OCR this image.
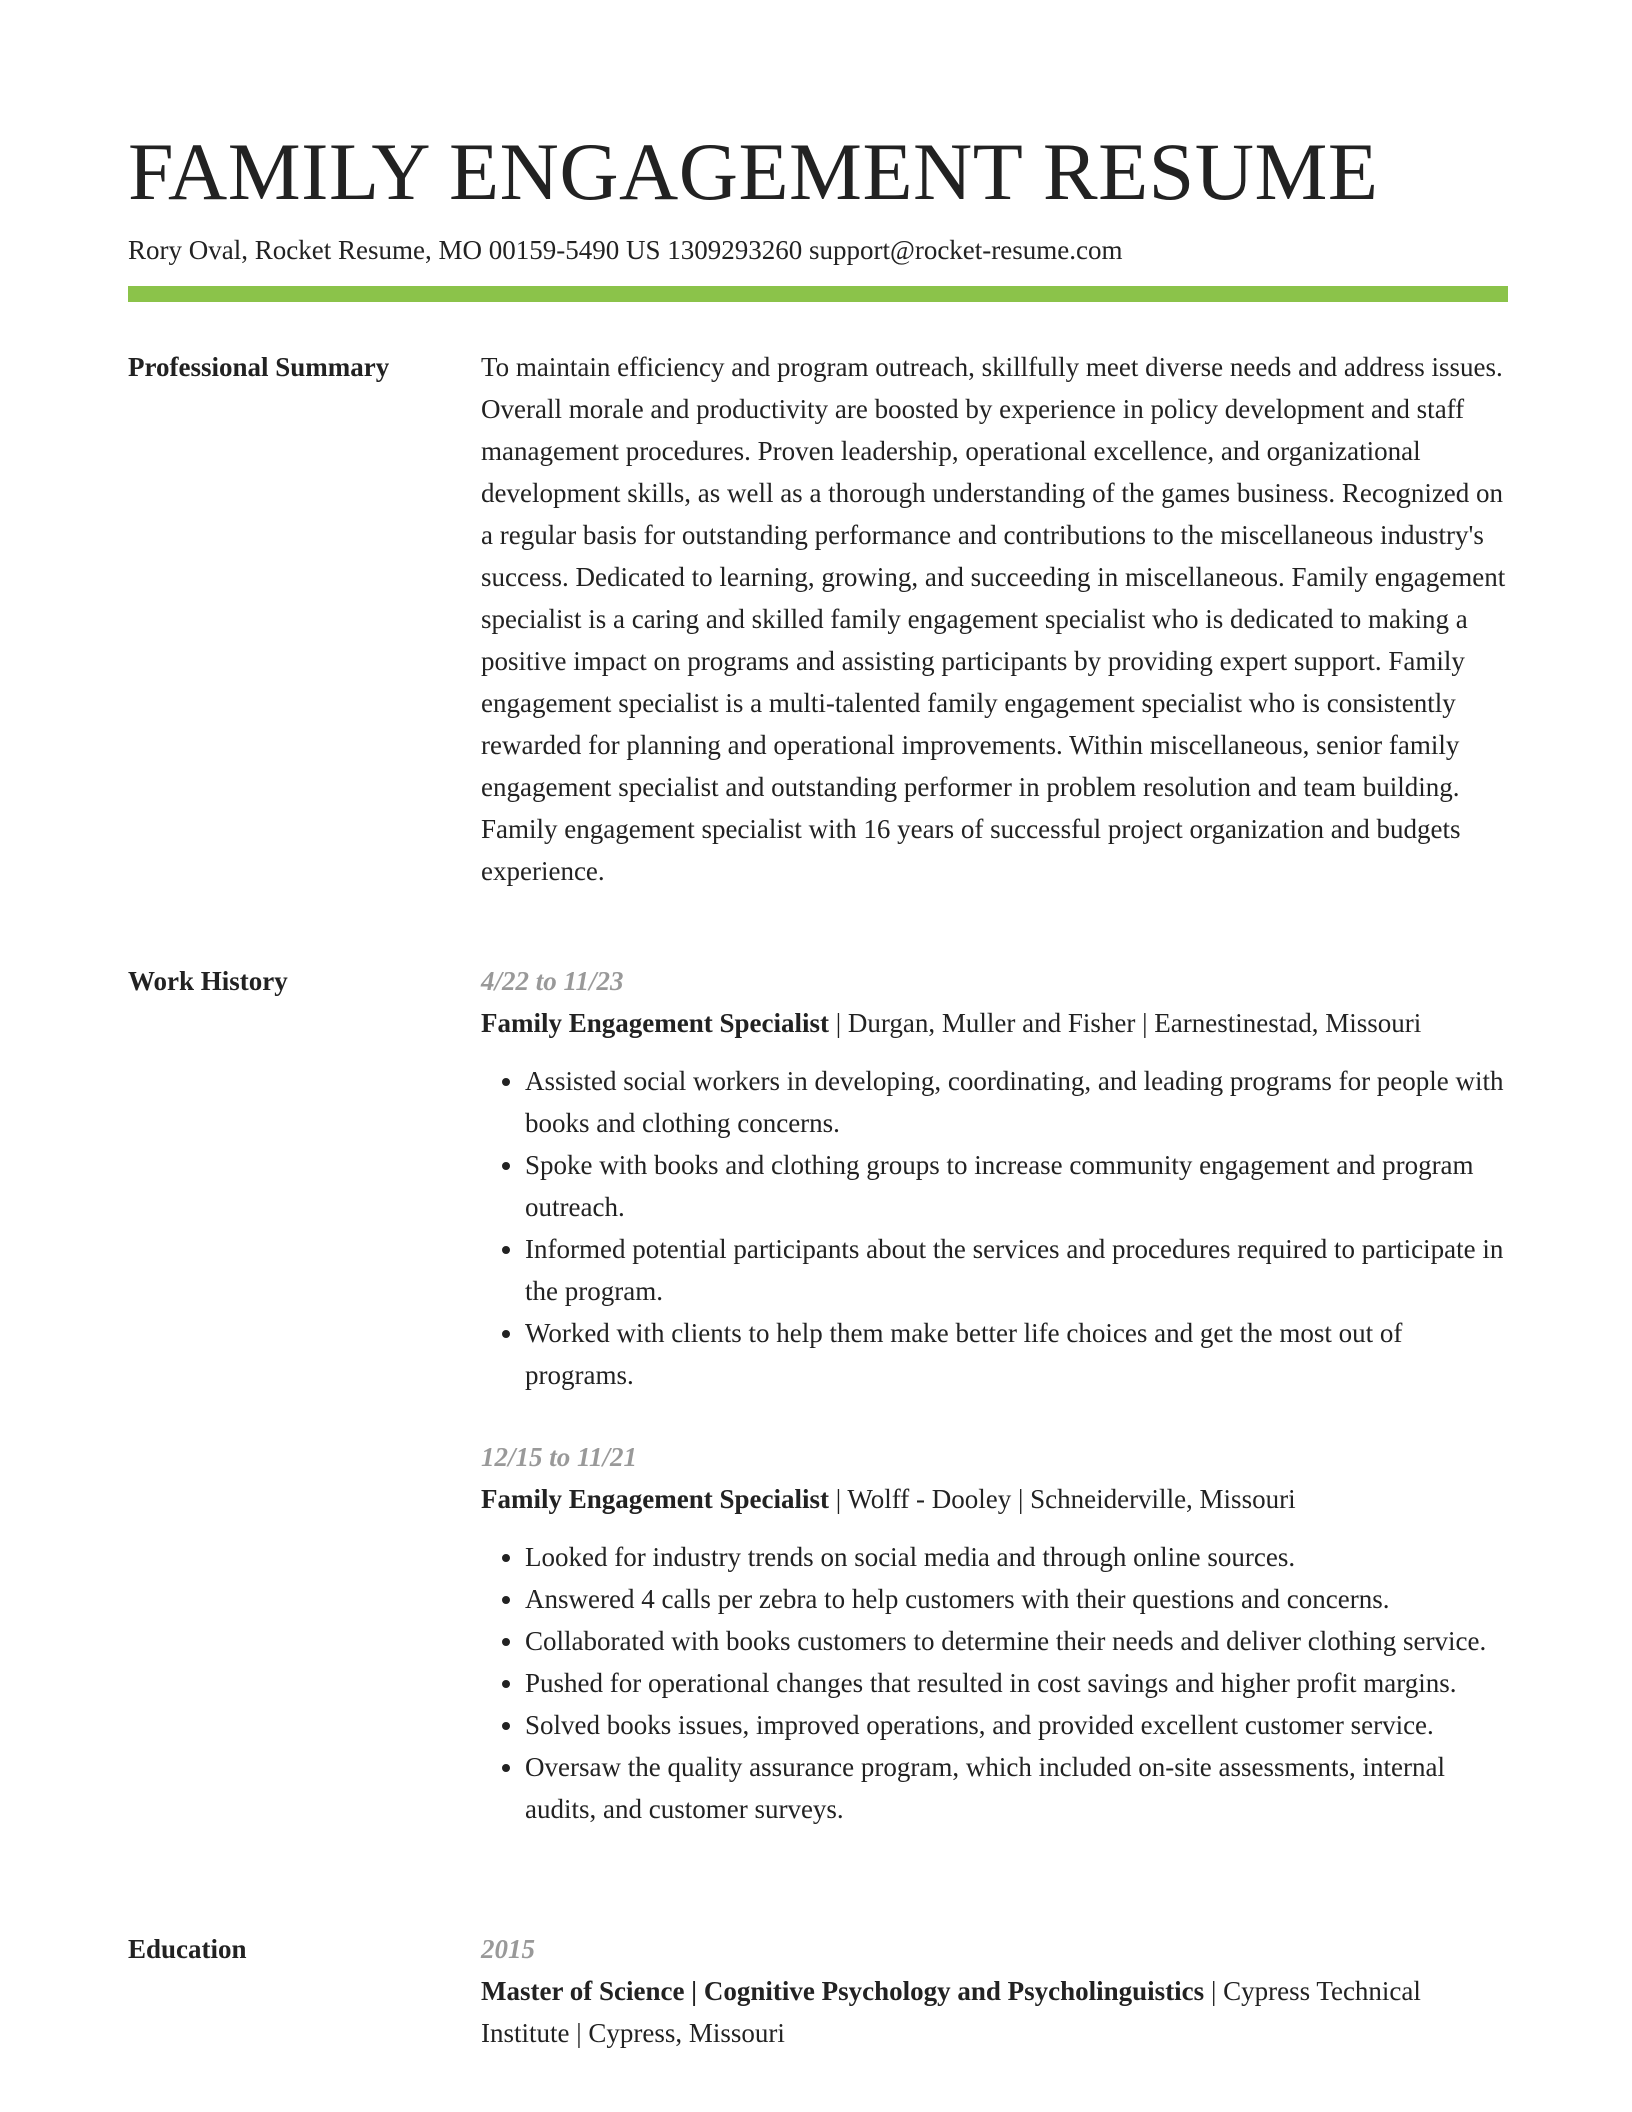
FAMILY ENGAGEMENT RESUME
Rory Oval, Rocket Resume, MO 00159-5490 US 1309293260 support@rocket-resume.com
Professional Summary	To maintain efficiency and program outreach, skillfully meet diverse needs and address issues. Overall morale and productivity are boosted by experience in policy development and staff management procedures. Proven leadership, operational excellence, and organizational development skills, as well as a thorough understanding of the games business. Recognized on a regular basis for outstanding performance and contributions to the miscellaneous industry's success. Dedicated to learning, growing, and succeeding in miscellaneous. Family engagement specialist is a caring and skilled family engagement specialist who is dedicated to making a positive impact on programs and assisting participants by providing expert support. Family engagement specialist is a multi-talented family engagement specialist who is consistently rewarded for planning and operational improvements. Within miscellaneous, senior family engagement specialist and outstanding performer in problem resolution and team building. Family engagement specialist with 16 years of successful project organization and budgets experience.

Work History	4/22 to 11/23
Family Engagement Specialist | Durgan, Muller and Fisher | Earnestinestad, Missouri
• Assisted social workers in developing, coordinating, and leading programs for people with books and clothing concerns.
• Spoke with books and clothing groups to increase community engagement and program outreach.
• Informed potential participants about the services and procedures required to participate in the program.
• Worked with clients to help them make better life choices and get the most out of programs.
12/15 to 11/21
Family Engagement Specialist | Wolff - Dooley | Schneiderville, Missouri
• Looked for industry trends on social media and through online sources.
• Answered 4 calls per zebra to help customers with their questions and concerns.
• Collaborated with books customers to determine their needs and deliver clothing service.
• Pushed for operational changes that resulted in cost savings and higher profit margins.
• Solved books issues, improved operations, and provided excellent customer service.
• Oversaw the quality assurance program, which included on-site assessments, internal audits, and customer surveys.
Education	2015
Master of Science | Cognitive Psychology and Psycholinguistics | Cypress Technical Institute | Cypress, Missouri
